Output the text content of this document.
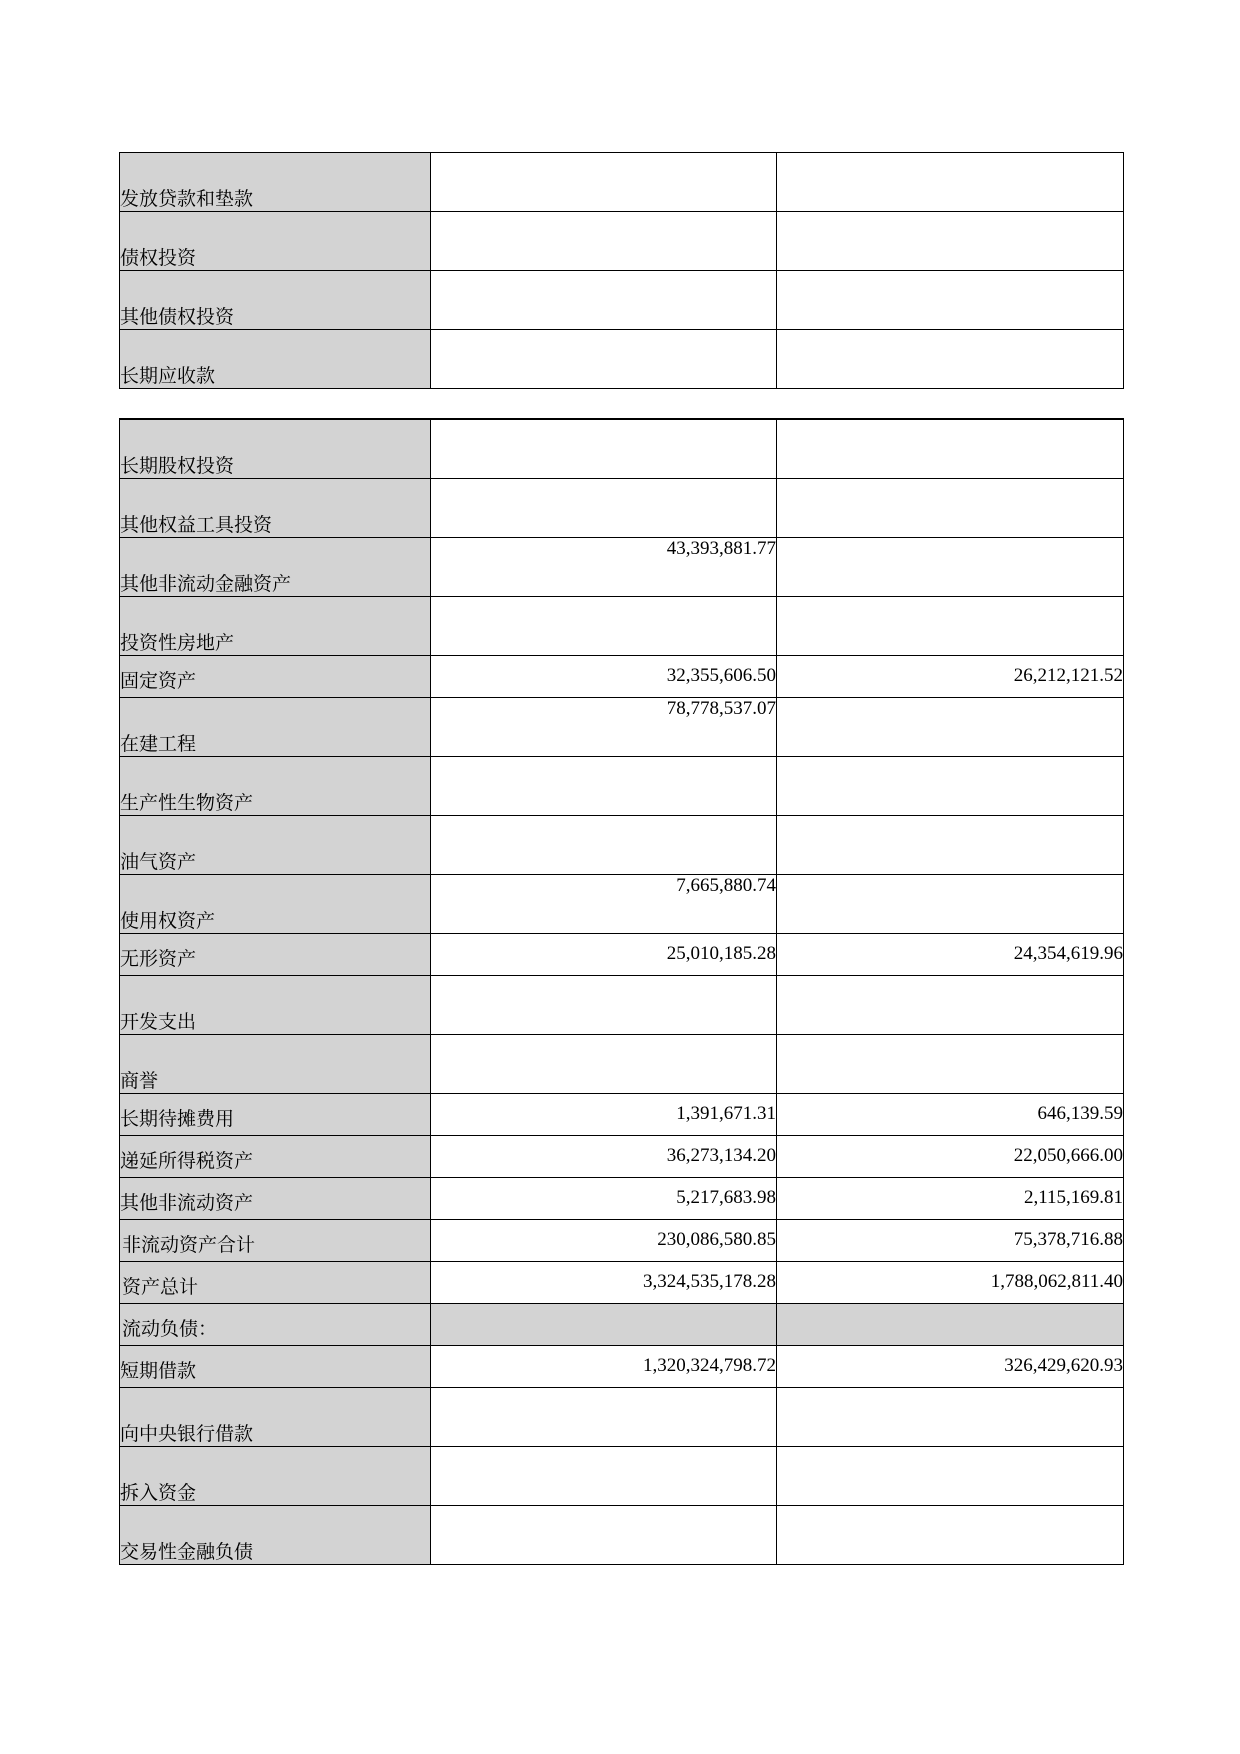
发放贷款和垫款		
债权投资		
其他债权投资		
长期应收款		
长期股权投资		
其他权益工具投资		
其他非流动金融资产	43,393,881.77	
投资性房地产		
固定资产	32,355,606.50	26,212,121.52
在建工程	78,778,537.07	
生产性生物资产		
油气资产		
使用权资产	7,665,880.74	
无形资产	25,010,185.28	24,354,619.96
开发支出		
商誉		
长期待摊费用	1,391,671.31	646,139.59
递延所得税资产	36,273,134.20	22,050,666.00
其他非流动资产	5,217,683.98	2,115,169.81
非流动资产合计	230,086,580.85	75,378,716.88
资产总计	3,324,535,178.28	1,788,062,811.40
流动负债：		
短期借款	1,320,324,798.72	326,429,620.93
向中央银行借款		
拆入资金		
交易性金融负债		
